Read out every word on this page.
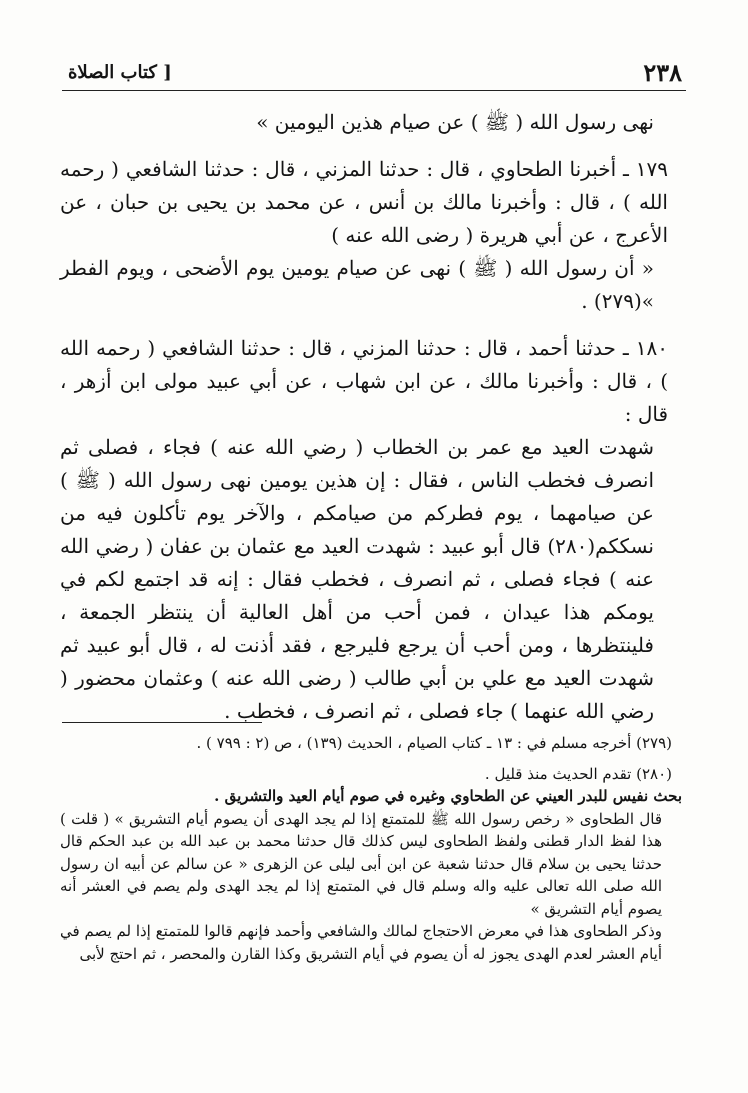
٢٣٨
[ كتاب الصلاة

نهى رسول الله ( ﷺ ) عن صيام هذين اليومين »

١٧٩ ـ أخبرنا الطحاوي ، قال : حدثنا المزني ، قال : حدثنا الشافعي ( رحمه الله ) ، قال : وأخبرنا مالك بن أنس ، عن محمد بن يحيى بن حبان ، عن الأعرج ، عن أبي هريرة ( رضى الله عنه )

« أن رسول الله ( ﷺ ) نهى عن صيام يومين يوم الأضحى ، ويوم الفطر »(٢٧٩) .

١٨٠ ـ حدثنا أحمد ، قال : حدثنا المزني ، قال : حدثنا الشافعي ( رحمه الله ) ، قال : وأخبرنا مالك ، عن ابن شهاب ، عن أبي عبيد مولى ابن أزهر ، قال :

شهدت العيد مع عمر بن الخطاب ( رضي الله عنه ) فجاء ، فصلى ثم انصرف فخطب الناس ، فقال : إن هذين يومين نهى رسول الله ( ﷺ ) عن صيامهما ، يوم فطركم من صيامكم ، والآخر يوم تأكلون فيه من نسككم(٢٨٠) قال أبو عبيد : شهدت العيد مع عثمان بن عفان ( رضي الله عنه ) فجاء فصلى ، ثم انصرف ، فخطب فقال : إنه قد اجتمع لكم في يومكم هذا عيدان ، فمن أحب من أهل العالية أن ينتظر الجمعة ، فلينتظرها ، ومن أحب أن يرجع فليرجع ، فقد أذنت له ، قال أبو عبيد ثم شهدت العيد مع علي بن أبي طالب ( رضى الله عنه ) وعثمان محضور ( رضي الله عنهما ) جاء فصلى ، ثم انصرف ، فخطب .

(٢٧٩) أخرجه مسلم في : ١٣ ـ كتاب الصيام ، الحديث (١٣٩) ، ص (٢ : ٧٩٩ ) .

(٢٨٠) تقدم الحديث منذ قليل .

بحث نفيس للبدر العيني عن الطحاوي وغيره في صوم أيام العيد والتشريق .

قال الطحاوى « رخص رسول الله ﷺ للمتمتع إذا لم يجد الهدى أن يصوم أيام التشريق » ( قلت ) هذا لفظ الدار قطنى ولفظ الطحاوى ليس كذلك قال حدثنا محمد بن عبد الله بن عبد الحكم قال حدثنا يحيى بن سلام قال حدثنا شعبة عن ابن أبى ليلى عن الزهرى « عن سالم عن أبيه ان رسول الله صلى الله تعالى عليه واله وسلم قال في المتمتع إذا لم يجد الهدى ولم يصم في العشر أنه يصوم أيام التشريق »

وذكر الطحاوى هذا في معرض الاحتجاج لمالك والشافعي وأحمد فإنهم قالوا للمتمتع إذا لم يصم في أيام العشر لعدم الهدى يجوز له أن يصوم في أيام التشريق وكذا القارن والمحصر ، ثم احتج لأبى
